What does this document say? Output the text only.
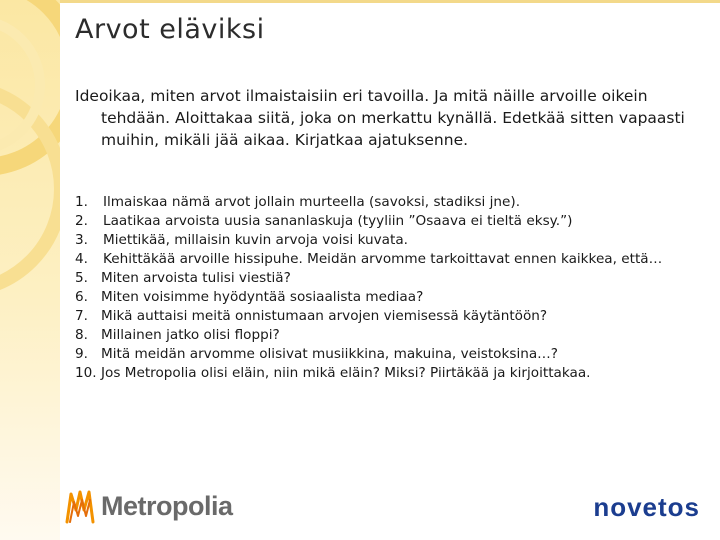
Arvot eläviksi

Ideoikaa, miten arvot ilmaistaisiin eri tavoilla. Ja mitä näille arvoille oikein tehdään. Aloittakaa siitä, joka on merkattu kynällä. Edetkää sitten vapaasti muihin, mikäli jää aikaa. Kirjatkaa ajatuksenne.

1.	Ilmaiskaa nämä arvot jollain murteella (savoksi, stadiksi jne).
2.	Laatikaa arvoista uusia sananlaskuja (tyyliin ”Osaava ei tieltä eksy.”)
3.	Miettikää, millaisin kuvin arvoja voisi kuvata.
4.	Kehittäkää arvoille hissipuhe. Meidän arvomme tarkoittavat ennen kaikkea, että…
5. Miten arvoista tulisi viestiä?
6. Miten voisimme hyödyntää sosiaalista mediaa?
7. Mikä auttaisi meitä onnistumaan arvojen viemisessä käytäntöön?
8. Millainen jatko olisi floppi?
9. Mitä meidän arvomme olisivat musiikkina, makuina, veistoksina…?
10. Jos Metropolia olisi eläin, niin mikä eläin? Miksi? Piirtäkää ja kirjoittakaa.
Metropolia	novetos
